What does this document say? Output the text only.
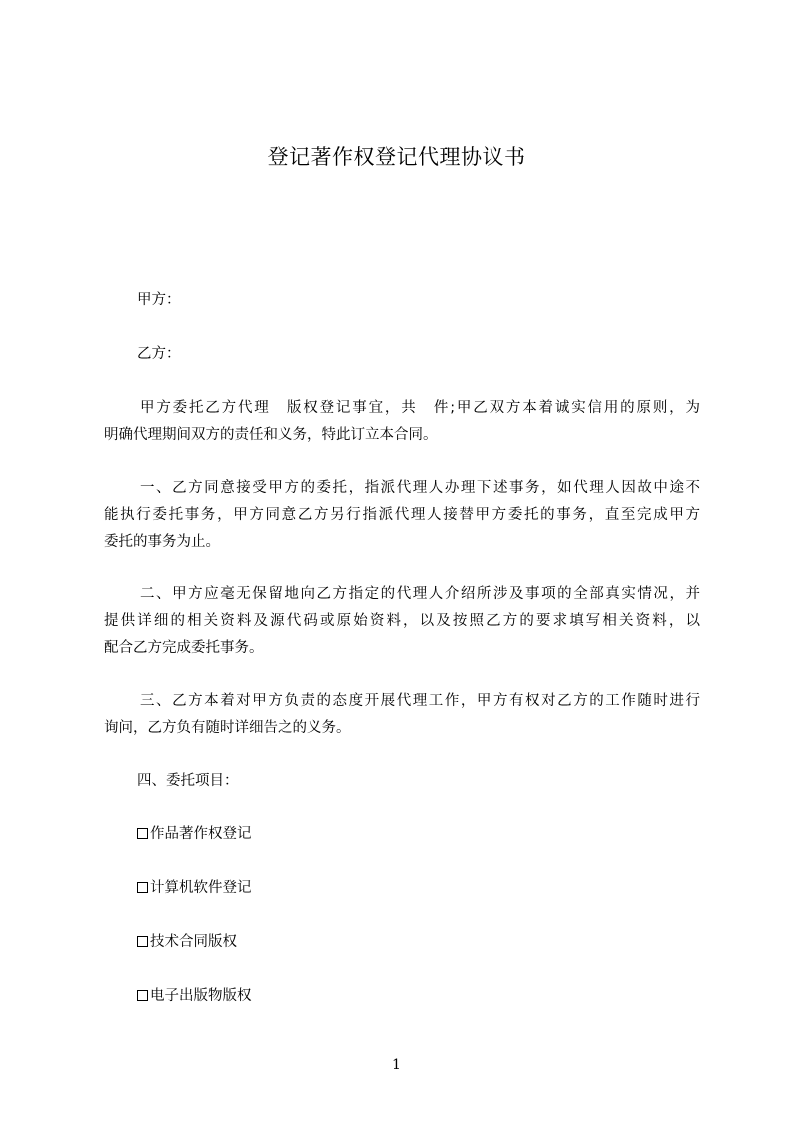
登记著作权登记代理协议书
甲方：
乙方：
甲方委托乙方代理　版权登记事宜，共　件;甲乙双方本着诚实信用的原则，为
明确代理期间双方的责任和义务，特此订立本合同。
一、乙方同意接受甲方的委托，指派代理人办理下述事务，如代理人因故中途不
能执行委托事务，甲方同意乙方另行指派代理人接替甲方委托的事务，直至完成甲方
委托的事务为止。
二、甲方应毫无保留地向乙方指定的代理人介绍所涉及事项的全部真实情况，并
提供详细的相关资料及源代码或原始资料，以及按照乙方的要求填写相关资料，以
配合乙方完成委托事务。
三、乙方本着对甲方负责的态度开展代理工作，甲方有权对乙方的工作随时进行
询问，乙方负有随时详细告之的义务。
四、委托项目：
作品著作权登记
计算机软件登记
技术合同版权
电子出版物版权
1
